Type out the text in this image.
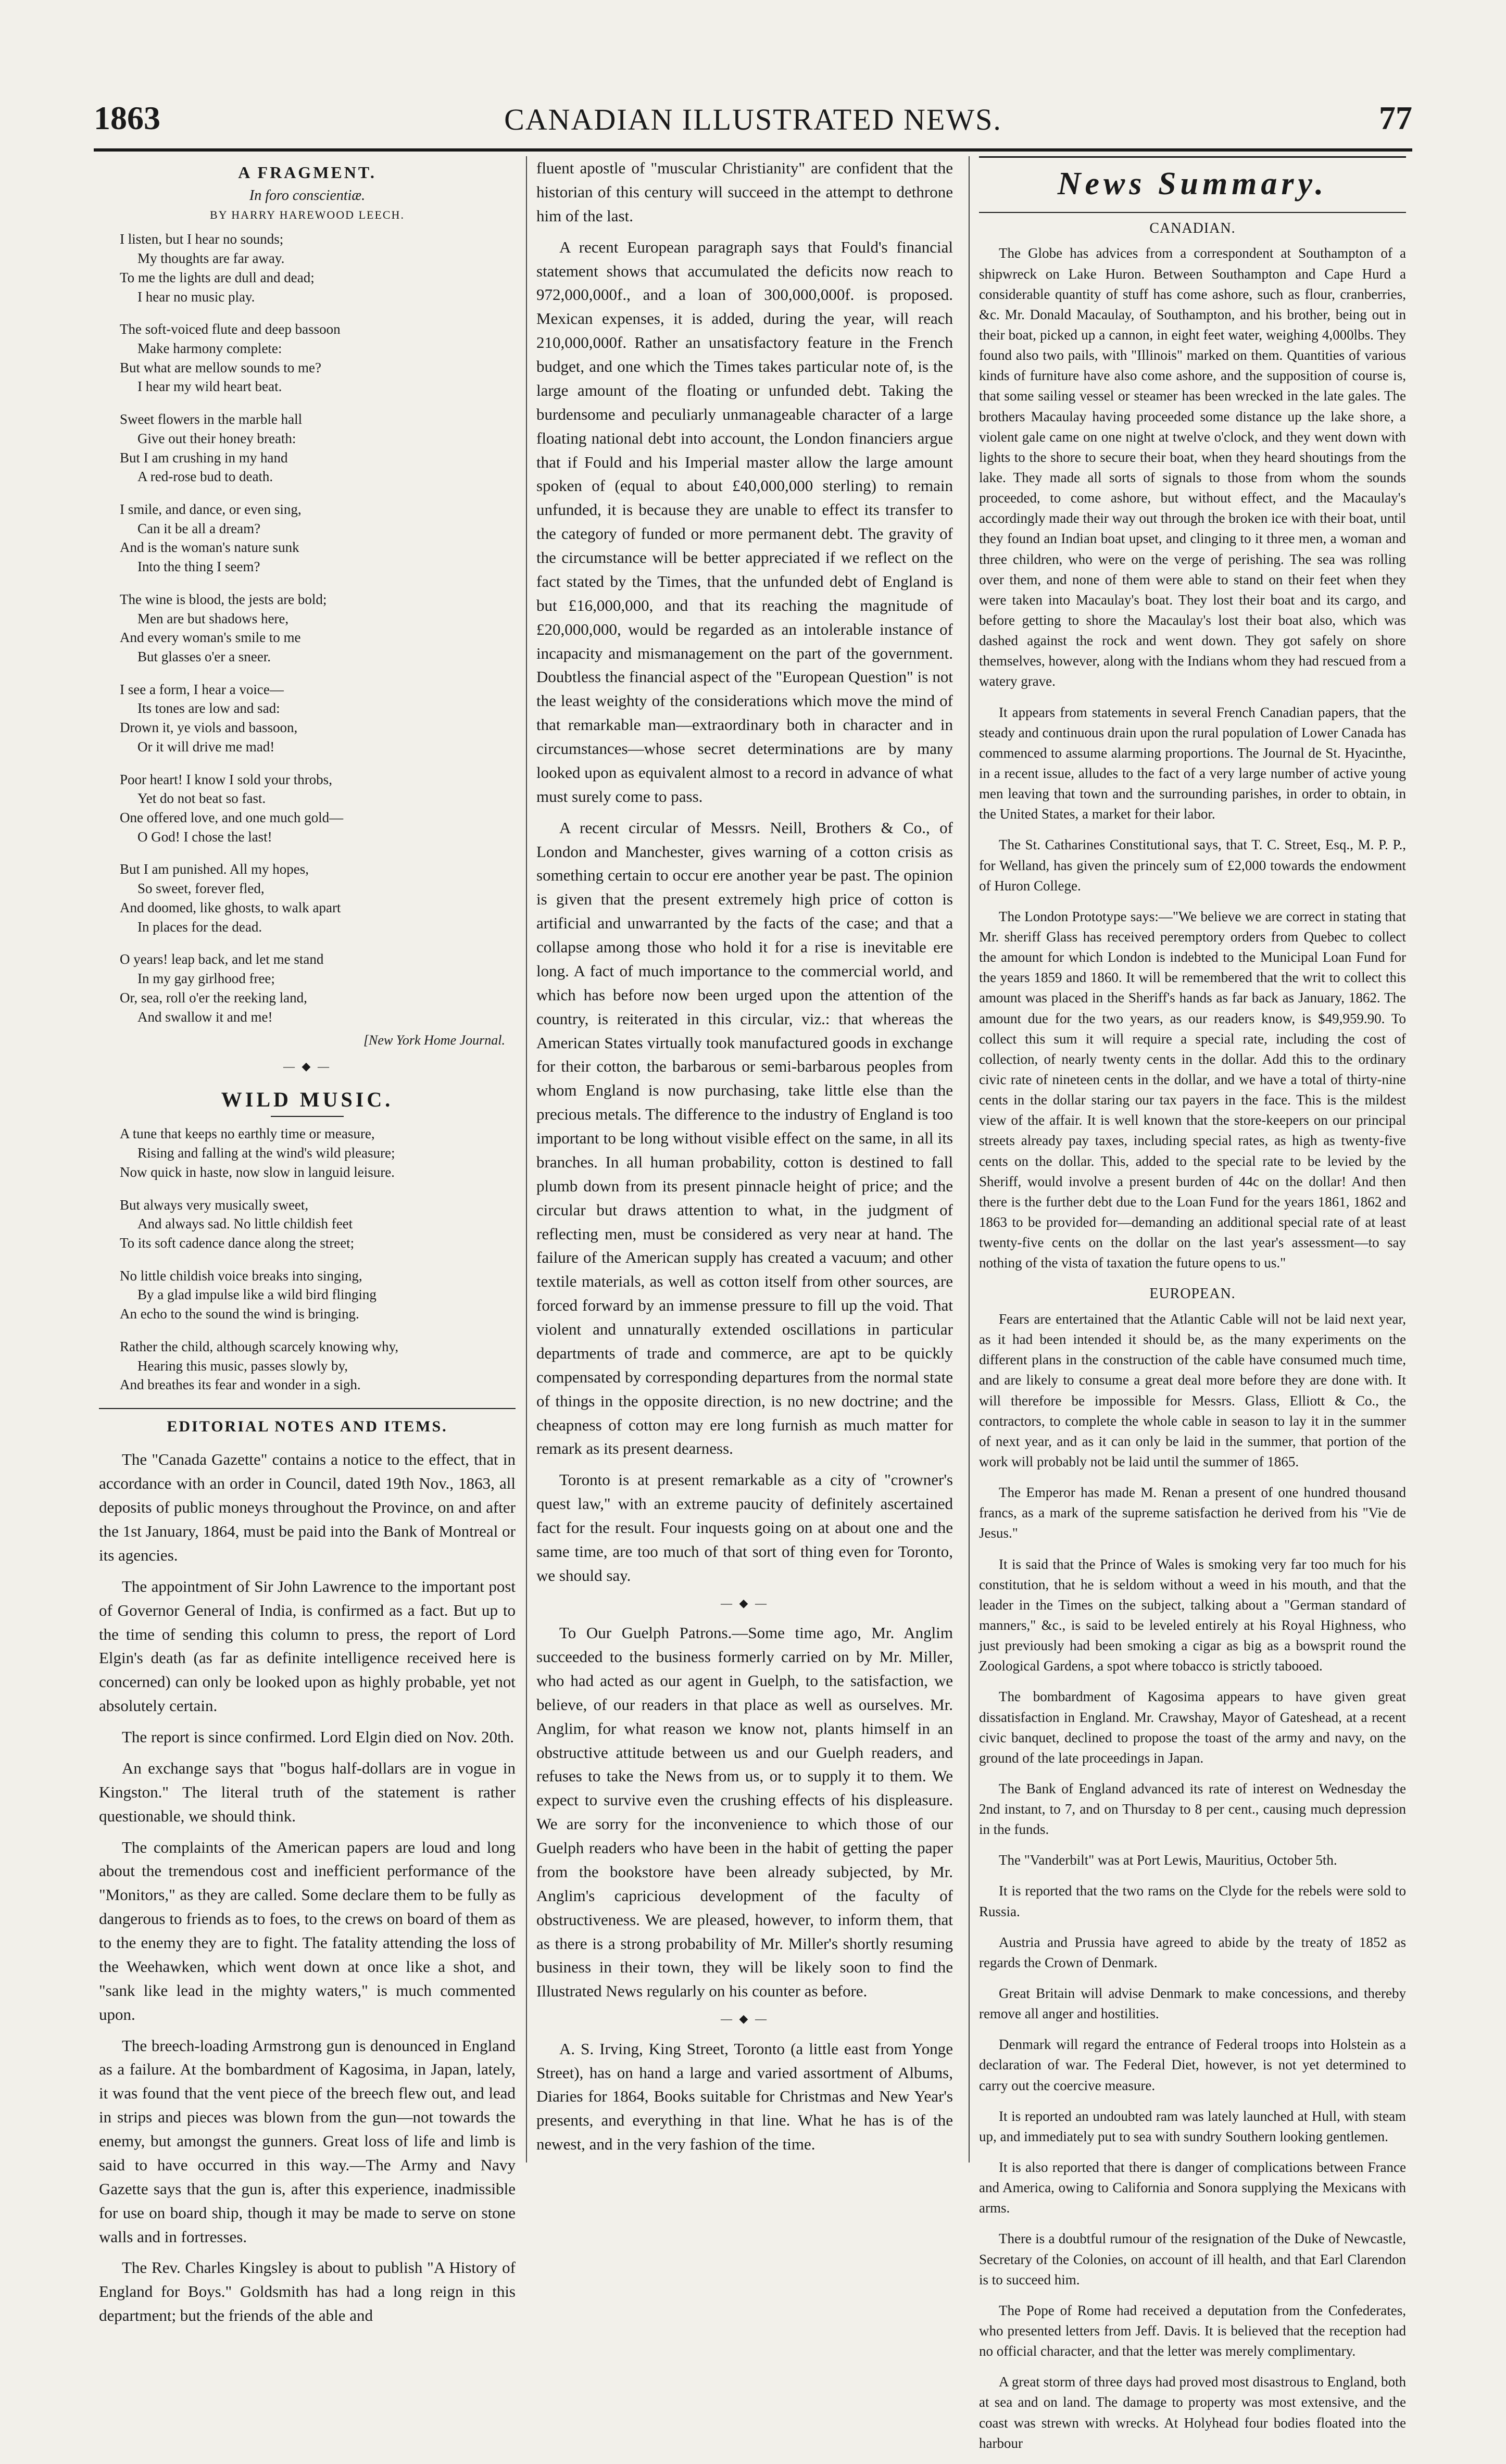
1863	CANADIAN ILLUSTRATED NEWS.	77
A FRAGMENT.
In foro conscientiæ.
BY HARRY HAREWOOD LEECH.
I listen, but I hear no sounds;
My thoughts are far away.
To me the lights are dull and dead;
I hear no music play.
The soft-voiced flute and deep bassoon
Make harmony complete:
But what are mellow sounds to me?
I hear my wild heart beat.
Sweet flowers in the marble hall
Give out their honey breath:
But I am crushing in my hand
A red-rose bud to death.
I smile, and dance, or even sing,
Can it be all a dream?
And is the woman's nature sunk
Into the thing I seem?
The wine is blood, the jests are bold;
Men are but shadows here,
And every woman's smile to me
But glasses o'er a sneer.
I see a form, I hear a voice—
Its tones are low and sad:
Drown it, ye viols and bassoon,
Or it will drive me mad!
Poor heart! I know I sold your throbs,
Yet do not beat so fast.
One offered love, and one much gold—
O God! I chose the last!
But I am punished. All my hopes,
So sweet, forever fled,
And doomed, like ghosts, to walk apart
In places for the dead.
O years! leap back, and let me stand
In my gay girlhood free;
Or, sea, roll o'er the reeking land,
And swallow it and me!
[New York Home Journal.
— ◆ —
WILD MUSIC.
A tune that keeps no earthly time or measure,
Rising and falling at the wind's wild pleasure;
Now quick in haste, now slow in languid leisure.
But always very musically sweet,
And always sad. No little childish feet
To its soft cadence dance along the street;
No little childish voice breaks into singing,
By a glad impulse like a wild bird flinging
An echo to the sound the wind is bringing.
Rather the child, although scarcely knowing why,
Hearing this music, passes slowly by,
And breathes its fear and wonder in a sigh.
EDITORIAL NOTES AND ITEMS.

The "Canada Gazette" contains a notice to the effect, that in accordance with an order in Council, dated 19th Nov., 1863, all deposits of public moneys throughout the Province, on and after the 1st January, 1864, must be paid into the Bank of Montreal or its agencies.

The appointment of Sir John Lawrence to the important post of Governor General of India, is confirmed as a fact. But up to the time of sending this column to press, the report of Lord Elgin's death (as far as definite intelligence received here is concerned) can only be looked upon as highly probable, yet not absolutely certain.

The report is since confirmed. Lord Elgin died on Nov. 20th.

An exchange says that "bogus half-dollars are in vogue in Kingston." The literal truth of the statement is rather questionable, we should think.

The complaints of the American papers are loud and long about the tremendous cost and inefficient performance of the "Monitors," as they are called. Some declare them to be fully as dangerous to friends as to foes, to the crews on board of them as to the enemy they are to fight. The fatality attending the loss of the Weehawken, which went down at once like a shot, and "sank like lead in the mighty waters," is much commented upon.

The breech-loading Armstrong gun is denounced in England as a failure. At the bombardment of Kagosima, in Japan, lately, it was found that the vent piece of the breech flew out, and lead in strips and pieces was blown from the gun—not towards the enemy, but amongst the gunners. Great loss of life and limb is said to have occurred in this way.—The Army and Navy Gazette says that the gun is, after this experience, inadmissible for use on board ship, though it may be made to serve on stone walls and in fortresses.

The Rev. Charles Kingsley is about to publish "A History of England for Boys." Goldsmith has had a long reign in this department; but the friends of the able and

fluent apostle of "muscular Christianity" are confident that the historian of this century will succeed in the attempt to dethrone him of the last.

A recent European paragraph says that Fould's financial statement shows that accumulated the deficits now reach to 972,000,000f., and a loan of 300,000,000f. is proposed. Mexican expenses, it is added, during the year, will reach 210,000,000f. Rather an unsatisfactory feature in the French budget, and one which the Times takes particular note of, is the large amount of the floating or unfunded debt. Taking the burdensome and peculiarly unmanageable character of a large floating national debt into account, the London financiers argue that if Fould and his Imperial master allow the large amount spoken of (equal to about £40,000,000 sterling) to remain unfunded, it is because they are unable to effect its transfer to the category of funded or more permanent debt. The gravity of the circumstance will be better appreciated if we reflect on the fact stated by the Times, that the unfunded debt of England is but £16,000,000, and that its reaching the magnitude of £20,000,000, would be regarded as an intolerable instance of incapacity and mismanagement on the part of the government. Doubtless the financial aspect of the "European Question" is not the least weighty of the considerations which move the mind of that remarkable man—extraordinary both in character and in circumstances—whose secret determinations are by many looked upon as equivalent almost to a record in advance of what must surely come to pass.

A recent circular of Messrs. Neill, Brothers & Co., of London and Manchester, gives warning of a cotton crisis as something certain to occur ere another year be past. The opinion is given that the present extremely high price of cotton is artificial and unwarranted by the facts of the case; and that a collapse among those who hold it for a rise is inevitable ere long. A fact of much importance to the commercial world, and which has before now been urged upon the attention of the country, is reiterated in this circular, viz.: that whereas the American States virtually took manufactured goods in exchange for their cotton, the barbarous or semi-barbarous peoples from whom England is now purchasing, take little else than the precious metals. The difference to the industry of England is too important to be long without visible effect on the same, in all its branches. In all human probability, cotton is destined to fall plumb down from its present pinnacle height of price; and the circular but draws attention to what, in the judgment of reflecting men, must be considered as very near at hand. The failure of the American supply has created a vacuum; and other textile materials, as well as cotton itself from other sources, are forced forward by an immense pressure to fill up the void. That violent and unnaturally extended oscillations in particular departments of trade and commerce, are apt to be quickly compensated by corresponding departures from the normal state of things in the opposite direction, is no new doctrine; and the cheapness of cotton may ere long furnish as much matter for remark as its present dearness.

Toronto is at present remarkable as a city of "crowner's quest law," with an extreme paucity of definitely ascertained fact for the result. Four inquests going on at about one and the same time, are too much of that sort of thing even for Toronto, we should say.

— ◆ —

To Our Guelph Patrons.—Some time ago, Mr. Anglim succeeded to the business formerly carried on by Mr. Miller, who had acted as our agent in Guelph, to the satisfaction, we believe, of our readers in that place as well as ourselves. Mr. Anglim, for what reason we know not, plants himself in an obstructive attitude between us and our Guelph readers, and refuses to take the News from us, or to supply it to them. We expect to survive even the crushing effects of his displeasure. We are sorry for the inconvenience to which those of our Guelph readers who have been in the habit of getting the paper from the bookstore have been already subjected, by Mr. Anglim's capricious development of the faculty of obstructiveness. We are pleased, however, to inform them, that as there is a strong probability of Mr. Miller's shortly resuming business in their town, they will be likely soon to find the Illustrated News regularly on his counter as before.

— ◆ —

A. S. Irving, King Street, Toronto (a little east from Yonge Street), has on hand a large and varied assortment of Albums, Diaries for 1864, Books suitable for Christmas and New Year's presents, and everything in that line. What he has is of the newest, and in the very fashion of the time.

News Summary.
CANADIAN.

The Globe has advices from a correspondent at Southampton of a shipwreck on Lake Huron. Between Southampton and Cape Hurd a considerable quantity of stuff has come ashore, such as flour, cranberries, &c. Mr. Donald Macaulay, of Southampton, and his brother, being out in their boat, picked up a cannon, in eight feet water, weighing 4,000lbs. They found also two pails, with "Illinois" marked on them. Quantities of various kinds of furniture have also come ashore, and the supposition of course is, that some sailing vessel or steamer has been wrecked in the late gales. The brothers Macaulay having proceeded some distance up the lake shore, a violent gale came on one night at twelve o'clock, and they went down with lights to the shore to secure their boat, when they heard shoutings from the lake. They made all sorts of signals to those from whom the sounds proceeded, to come ashore, but without effect, and the Macaulay's accordingly made their way out through the broken ice with their boat, until they found an Indian boat upset, and clinging to it three men, a woman and three children, who were on the verge of perishing. The sea was rolling over them, and none of them were able to stand on their feet when they were taken into Macaulay's boat. They lost their boat and its cargo, and before getting to shore the Macaulay's lost their boat also, which was dashed against the rock and went down. They got safely on shore themselves, however, along with the Indians whom they had rescued from a watery grave.

It appears from statements in several French Canadian papers, that the steady and continuous drain upon the rural population of Lower Canada has commenced to assume alarming proportions. The Journal de St. Hyacinthe, in a recent issue, alludes to the fact of a very large number of active young men leaving that town and the surrounding parishes, in order to obtain, in the United States, a market for their labor.

The St. Catharines Constitutional says, that T. C. Street, Esq., M. P. P., for Welland, has given the princely sum of £2,000 towards the endowment of Huron College.

The London Prototype says:—"We believe we are correct in stating that Mr. sheriff Glass has received peremptory orders from Quebec to collect the amount for which London is indebted to the Municipal Loan Fund for the years 1859 and 1860. It will be remembered that the writ to collect this amount was placed in the Sheriff's hands as far back as January, 1862. The amount due for the two years, as our readers know, is $49,959.90. To collect this sum it will require a special rate, including the cost of collection, of nearly twenty cents in the dollar. Add this to the ordinary civic rate of nineteen cents in the dollar, and we have a total of thirty-nine cents in the dollar staring our tax payers in the face. This is the mildest view of the affair. It is well known that the store-keepers on our principal streets already pay taxes, including special rates, as high as twenty-five cents on the dollar. This, added to the special rate to be levied by the Sheriff, would involve a present burden of 44c on the dollar! And then there is the further debt due to the Loan Fund for the years 1861, 1862 and 1863 to be provided for—demanding an additional special rate of at least twenty-five cents on the dollar on the last year's assessment—to say nothing of the vista of taxation the future opens to us."

EUROPEAN.

Fears are entertained that the Atlantic Cable will not be laid next year, as it had been intended it should be, as the many experiments on the different plans in the construction of the cable have consumed much time, and are likely to consume a great deal more before they are done with. It will therefore be impossible for Messrs. Glass, Elliott & Co., the contractors, to complete the whole cable in season to lay it in the summer of next year, and as it can only be laid in the summer, that portion of the work will probably not be laid until the summer of 1865.

The Emperor has made M. Renan a present of one hundred thousand francs, as a mark of the supreme satisfaction he derived from his "Vie de Jesus."

It is said that the Prince of Wales is smoking very far too much for his constitution, that he is seldom without a weed in his mouth, and that the leader in the Times on the subject, talking about a "German standard of manners," &c., is said to be leveled entirely at his Royal Highness, who just previously had been smoking a cigar as big as a bowsprit round the Zoological Gardens, a spot where tobacco is strictly tabooed.

The bombardment of Kagosima appears to have given great dissatisfaction in England. Mr. Crawshay, Mayor of Gateshead, at a recent civic banquet, declined to propose the toast of the army and navy, on the ground of the late proceedings in Japan.

The Bank of England advanced its rate of interest on Wednesday the 2nd instant, to 7, and on Thursday to 8 per cent., causing much depression in the funds.

The "Vanderbilt" was at Port Lewis, Mauritius, October 5th.

It is reported that the two rams on the Clyde for the rebels were sold to Russia.

Austria and Prussia have agreed to abide by the treaty of 1852 as regards the Crown of Denmark.

Great Britain will advise Denmark to make concessions, and thereby remove all anger and hostilities.

Denmark will regard the entrance of Federal troops into Holstein as a declaration of war. The Federal Diet, however, is not yet determined to carry out the coercive measure.

It is reported an undoubted ram was lately launched at Hull, with steam up, and immediately put to sea with sundry Southern looking gentlemen.

It is also reported that there is danger of complications between France and America, owing to California and Sonora supplying the Mexicans with arms.

There is a doubtful rumour of the resignation of the Duke of Newcastle, Secretary of the Colonies, on account of ill health, and that Earl Clarendon is to succeed him.

The Pope of Rome had received a deputation from the Confederates, who presented letters from Jeff. Davis. It is believed that the reception had no official character, and that the letter was merely complimentary.

A great storm of three days had proved most disastrous to England, both at sea and on land. The damage to property was most extensive, and the coast was strewn with wrecks. At Holyhead four bodies floated into the harbour
